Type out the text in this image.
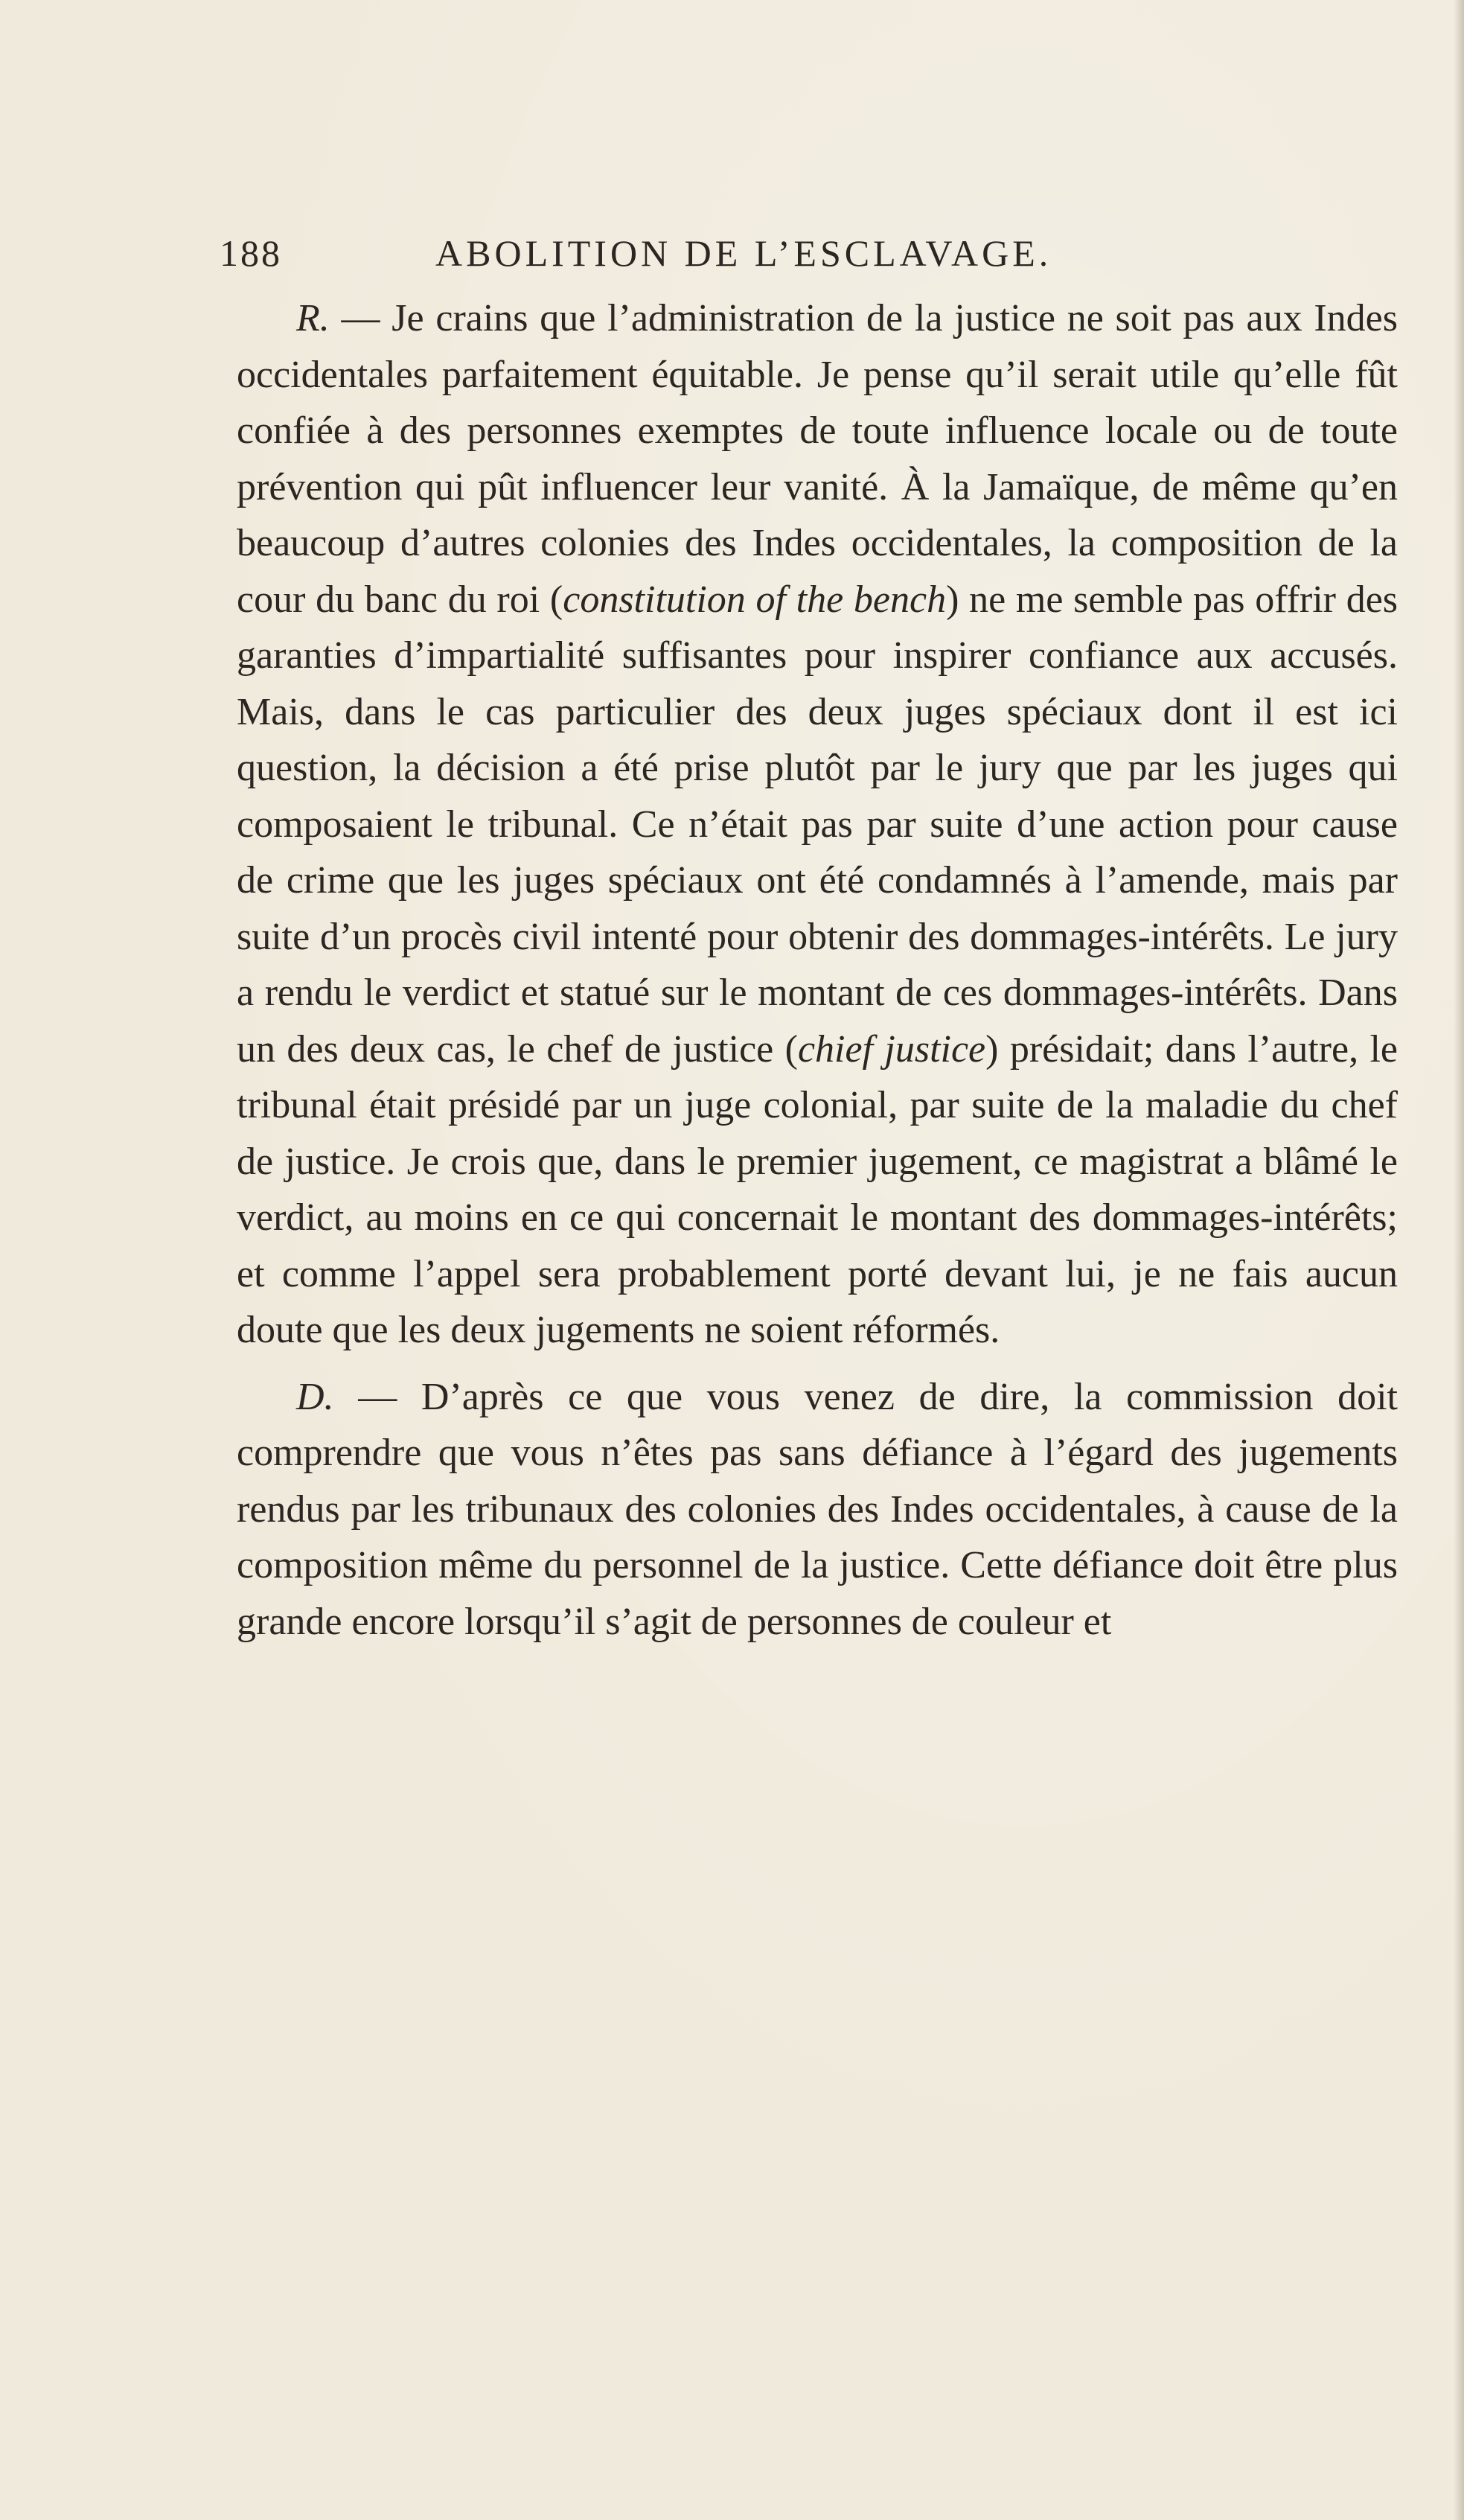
188	ABOLITION DE L’ESCLAVAGE.

R. — Je crains que l’administration de la justice ne soit pas aux Indes occidentales parfaitement équitable. Je pense qu’il serait utile qu’elle fût confiée à des personnes exemptes de toute influence locale ou de toute prévention qui pût influencer leur vanité. À la Jamaïque, de même qu’en beaucoup d’autres colonies des Indes occidentales, la composition de la cour du banc du roi (constitution of the bench) ne me semble pas offrir des garanties d’impartialité suffisantes pour inspirer confiance aux accusés. Mais, dans le cas particulier des deux juges spéciaux dont il est ici question, la décision a été prise plutôt par le jury que par les juges qui composaient le tribunal. Ce n’était pas par suite d’une action pour cause de crime que les juges spéciaux ont été condamnés à l’amende, mais par suite d’un procès civil intenté pour obtenir des dommages-intérêts. Le jury a rendu le verdict et statué sur le montant de ces dommages-intérêts. Dans un des deux cas, le chef de justice (chief justice) présidait; dans l’autre, le tribunal était présidé par un juge colonial, par suite de la maladie du chef de justice. Je crois que, dans le premier jugement, ce magistrat a blâmé le verdict, au moins en ce qui concernait le montant des dommages-intérêts; et comme l’appel sera probablement porté devant lui, je ne fais aucun doute que les deux jugements ne soient réformés.

D. — D’après ce que vous venez de dire, la commission doit comprendre que vous n’êtes pas sans défiance à l’égard des jugements rendus par les tribunaux des colonies des Indes occidentales, à cause de la composition même du personnel de la justice. Cette défiance doit être plus grande encore lorsqu’il s’agit de personnes de couleur et
